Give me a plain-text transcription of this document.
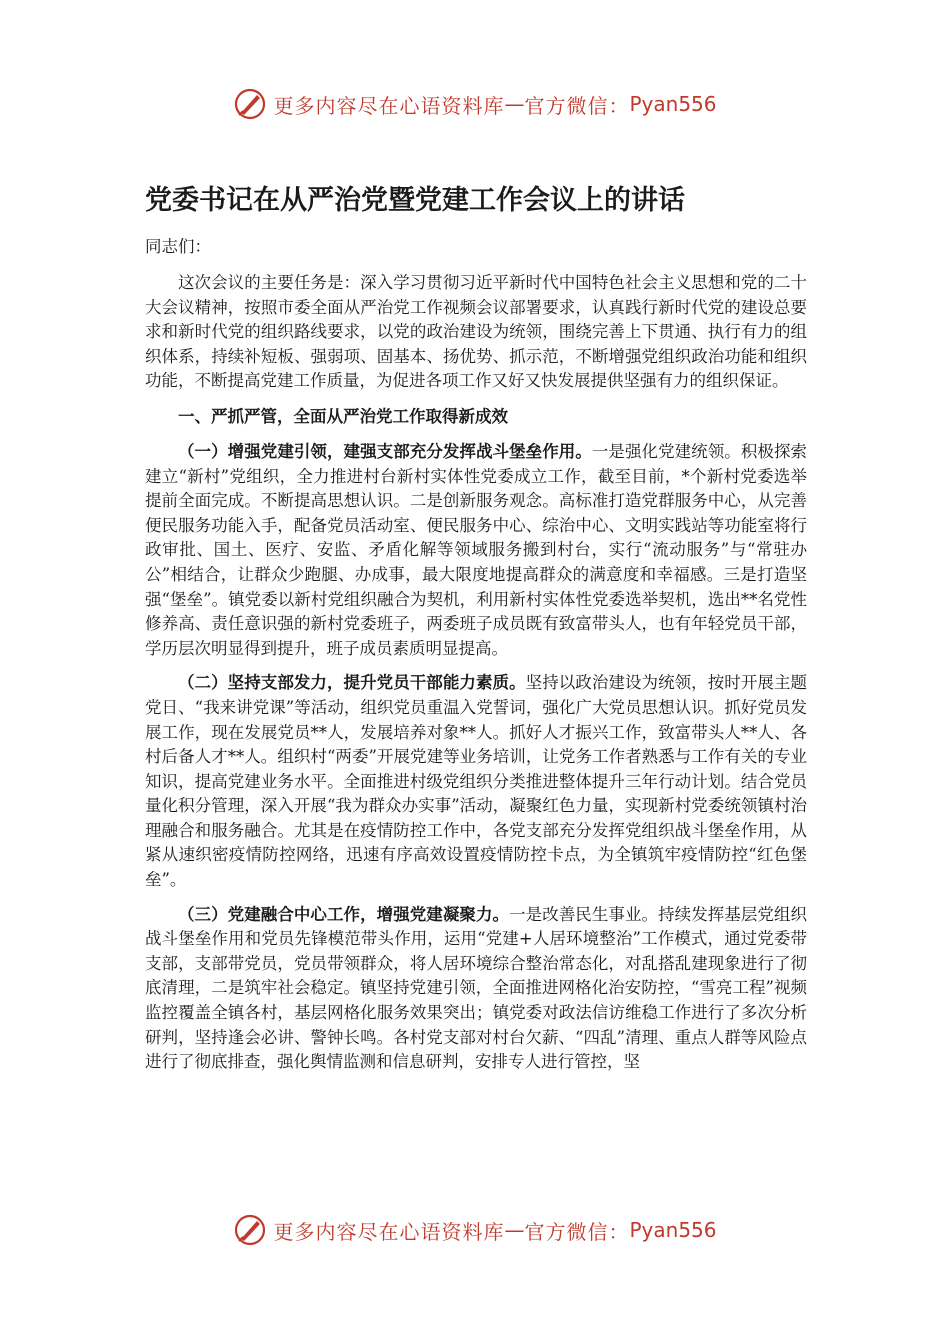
更多内容尽在心语资料库 — 官方微信： Pyan556
党委书记在从严治党暨党建工作会议上的讲话

同志们：

这次会议的主要任务是：深入学习贯彻习近平新时代中国特色社会主义思想和党的二十大会议精神，按照市委全面从严治党工作视频会议部署要求，认真践行新时代党的建设总要求和新时代党的组织路线要求，以党的政治建设为统领，围绕完善上下贯通、执行有力的组织体系，持续补短板、强弱项、固基本、扬优势、抓示范，不断增强党组织政治功能和组织功能，不断提高党建工作质量，为促进各项工作又好又快发展提供坚强有力的组织保证。

一、严抓严管，全面从严治党工作取得新成效

（一）增强党建引领，建强支部充分发挥战斗堡垒作用。一是强化党建统领。积极探索建立“新村”党组织，全力推进村台新村实体性党委成立工作，截至目前，*个新村党委选举提前全面完成。不断提高思想认识。二是创新服务观念。高标准打造党群服务中心，从完善便民服务功能入手，配备党员活动室、便民服务中心、综治中心、文明实践站等功能室将行政审批、国土、医疗、安监、矛盾化解等领域服务搬到村台，实行“流动服务”与“常驻办公”相结合，让群众少跑腿、办成事，最大限度地提高群众的满意度和幸福感。三是打造坚强“堡垒”。镇党委以新村党组织融合为契机，利用新村实体性党委选举契机，选出**名党性修养高、责任意识强的新村党委班子，两委班子成员既有致富带头人，也有年轻党员干部，学历层次明显得到提升，班子成员素质明显提高。

（二）坚持支部发力，提升党员干部能力素质。坚持以政治建设为统领，按时开展主题党日、“我来讲党课”等活动，组织党员重温入党誓词，强化广大党员思想认识。抓好党员发展工作，现在发展党员**人，发展培养对象**人。抓好人才振兴工作，致富带头人**人、各村后备人才**人。组织村“两委”开展党建等业务培训，让党务工作者熟悉与工作有关的专业知识，提高党建业务水平。全面推进村级党组织分类推进整体提升三年行动计划。结合党员量化积分管理，深入开展“我为群众办实事”活动，凝聚红色力量，实现新村党委统领镇村治理融合和服务融合。尤其是在疫情防控工作中，各党支部充分发挥党组织战斗堡垒作用，从紧从速织密疫情防控网络，迅速有序高效设置疫情防控卡点，为全镇筑牢疫情防控“红色堡垒”。

（三）党建融合中心工作，增强党建凝聚力。一是改善民生事业。持续发挥基层党组织战斗堡垒作用和党员先锋模范带头作用，运用“党建+人居环境整治”工作模式，通过党委带支部，支部带党员，党员带领群众，将人居环境综合整治常态化，对乱搭乱建现象进行了彻底清理，二是筑牢社会稳定。镇坚持党建引领，全面推进网格化治安防控，“雪亮工程”视频监控覆盖全镇各村，基层网格化服务效果突出；镇党委对政法信访维稳工作进行了多次分析研判，坚持逢会必讲、警钟长鸣。各村党支部对村台欠薪、“四乱”清理、重点人群等风险点进行了彻底排查，强化舆情监测和信息研判，安排专人进行管控，坚

更多内容尽在心语资料库 — 官方微信： Pyan556
